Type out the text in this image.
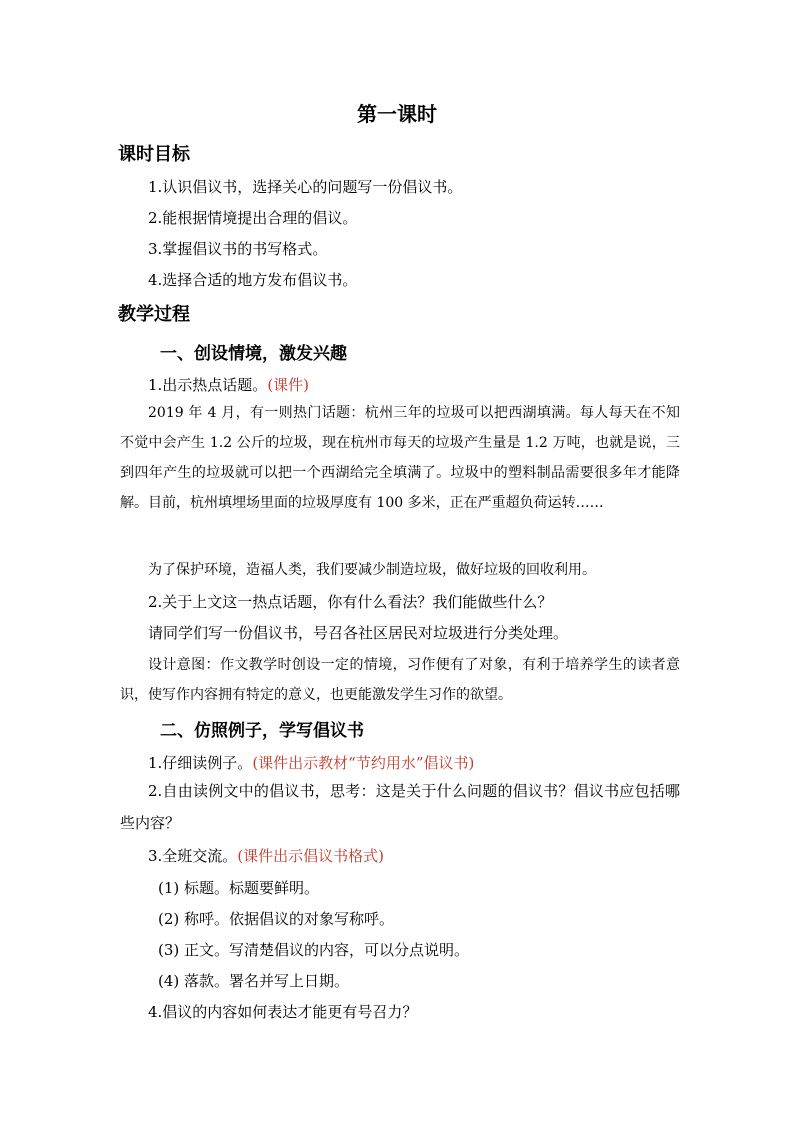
第一课时
课时目标
1.认识倡议书，选择关心的问题写一份倡议书。
2.能根据情境提出合理的倡议。
3.掌握倡议书的书写格式。
4.选择合适的地方发布倡议书。
教学过程
一、创设情境，激发兴趣
1.出示热点话题。(课件)
2019 年 4 月，有一则热门话题：杭州三年的垃圾可以把西湖填满。每人每天在不知不觉中会产生 1.2 公斤的垃圾，现在杭州市每天的垃圾产生量是 1.2 万吨，也就是说，三到四年产生的垃圾就可以把一个西湖给完全填满了。垃圾中的塑料制品需要很多年才能降解。目前，杭州填埋场里面的垃圾厚度有 100 多米，正在严重超负荷运转……
为了保护环境，造福人类，我们要减少制造垃圾，做好垃圾的回收利用。
2.关于上文这一热点话题，你有什么看法？我们能做些什么？
请同学们写一份倡议书，号召各社区居民对垃圾进行分类处理。
设计意图：作文教学时创设一定的情境，习作便有了对象，有利于培养学生的读者意识，使写作内容拥有特定的意义，也更能激发学生习作的欲望。
二、仿照例子，学写倡议书
1.仔细读例子。(课件出示教材“节约用水”倡议书)
2.自由读例文中的倡议书，思考：这是关于什么问题的倡议书？倡议书应包括哪些内容？
3.全班交流。(课件出示倡议书格式)
(1) 标题。标题要鲜明。
(2) 称呼。依据倡议的对象写称呼。
(3) 正文。写清楚倡议的内容，可以分点说明。
(4) 落款。署名并写上日期。
4.倡议的内容如何表达才能更有号召力？
